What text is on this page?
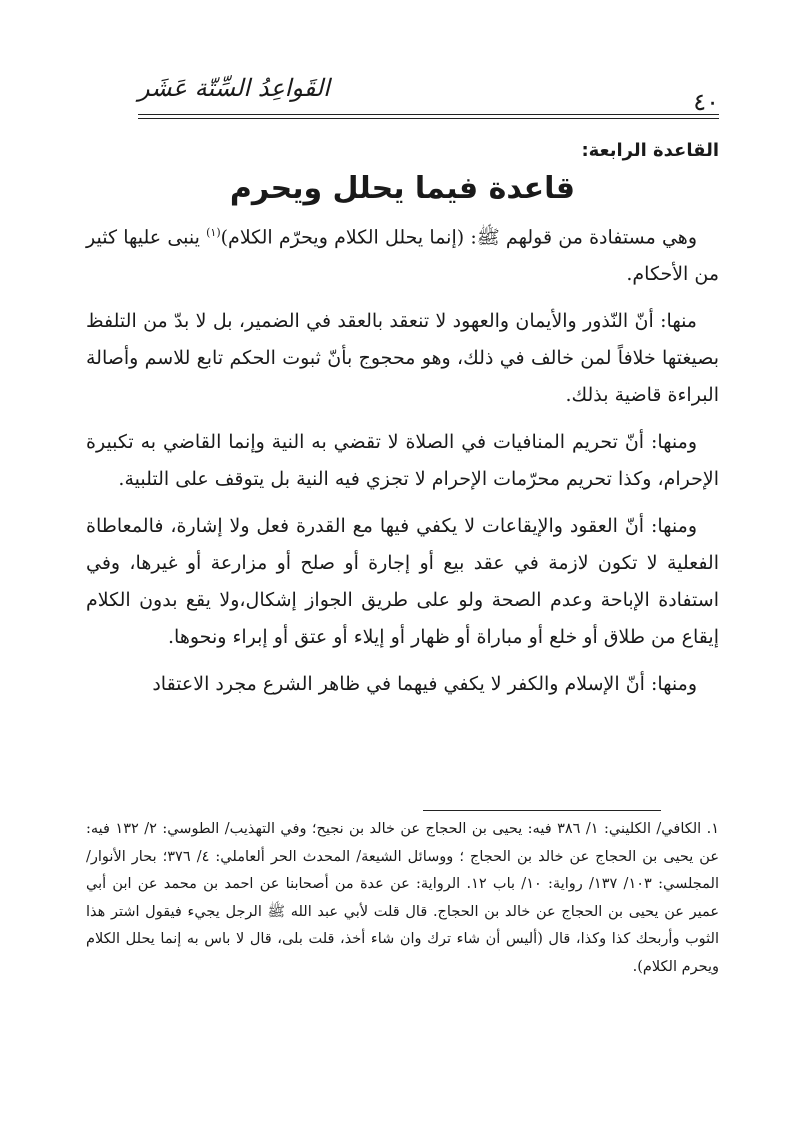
القَواعِدُ السِّتّة عَشَر	٤٠
القاعدة الرابعة:
قاعدة فيما يحلل ويحرم

وهي مستفادة من قولهم ﷺ: (إنما يحلل الكلام ويحرّم الكلام)$^{(١)}$ ينبى عليها كثير من الأحكام.

منها: أنّ النّذور والأيمان والعهود لا تنعقد بالعقد في الضمير، بل لا بدّ من التلفظ بصيغتها خلافاً لمن خالف في ذلك، وهو محجوج بأنّ ثبوت الحكم تابع للاسم وأصالة البراءة قاضية بذلك.

ومنها: أنّ تحريم المنافيات في الصلاة لا تقضي به النية وإنما القاضي به تكبيرة الإحرام، وكذا تحريم محرّمات الإحرام لا تجزي فيه النية بل يتوقف على التلبية.

ومنها: أنّ العقود والإيقاعات لا يكفي فيها مع القدرة فعل ولا إشارة، فالمعاطاة الفعلية لا تكون لازمة في عقد بيع أو إجارة أو صلح أو مزارعة أو غيرها، وفي استفادة الإباحة وعدم الصحة ولو على طريق الجواز إشكال،ولا يقع بدون الكلام إيقاع من طلاق أو خلع أو مباراة أو ظهار أو إيلاء أو عتق أو إبراء ونحوها.

ومنها: أنّ الإسلام والكفر لا يكفي فيهما في ظاهر الشرع مجرد الاعتقاد

١. الكافي/ الكليني: ١/ ٣٨٦ فيه: يحيى بن الحجاج عن خالد بن نجيح؛ وفي التهذيب/ الطوسي: ٢/ ١٣٢ فيه: عن يحيى بن الحجاج عن خالد بن الحجاج ؛ ووسائل الشيعة/ المحدث الحر ألعاملي: ٤/ ٣٧٦؛ بحار الأنوار/المجلسي: ١٠٣/ ١٣٧/ رواية: ١٠/ باب ١٢. الرواية: عن عدة من أصحابنا عن احمد بن محمد عن ابن أبي عمير عن يحيى بن الحجاج عن خالد بن الحجاج. قال قلت لأبي عبد الله ﷺ الرجل يجيء فيقول اشتر هذا الثوب وأربحك كذا وكذا، قال (أليس أن شاء ترك وان شاء أخذ، قلت بلى، قال لا باس به إنما يحلل الكلام ويحرم الكلام).
